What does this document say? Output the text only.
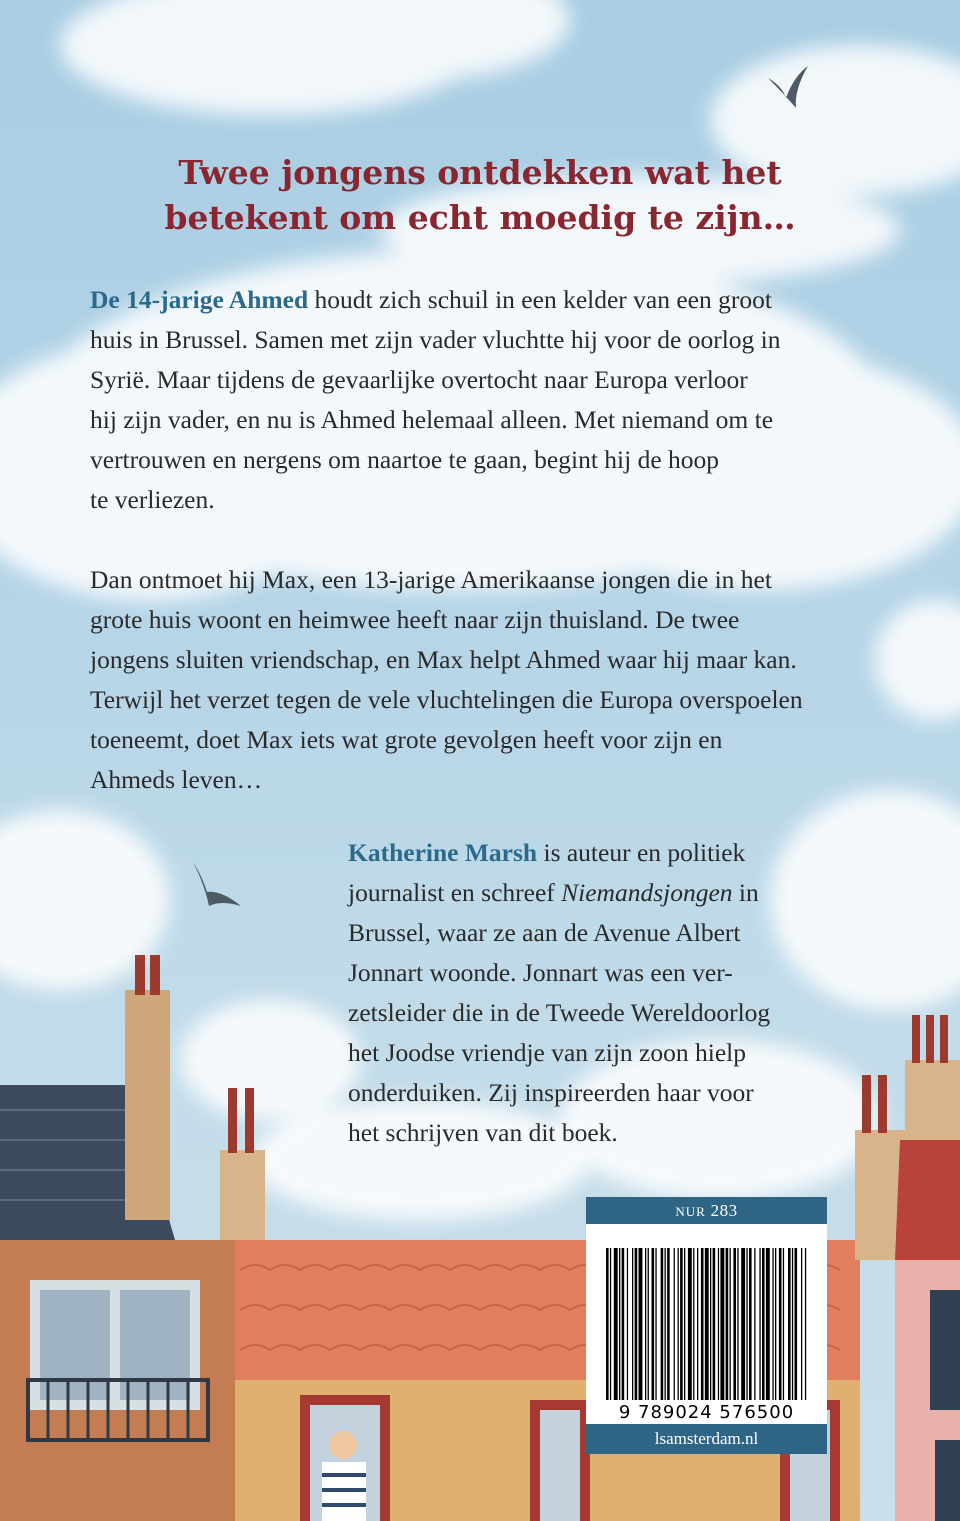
Twee jongens ontdekken wat het
betekent om echt moedig te zijn…

De 14-jarige Ahmed houdt zich schuil in een kelder van een groot
huis in Brussel. Samen met zijn vader vluchtte hij voor de oorlog in
Syrië. Maar tijdens de gevaarlijke overtocht naar Europa verloor
hij zijn vader, en nu is Ahmed helemaal alleen. Met niemand om te
vertrouwen en nergens om naartoe te gaan, begint hij de hoop
te verliezen.

Dan ontmoet hij Max, een 13-jarige Amerikaanse jongen die in het
grote huis woont en heimwee heeft naar zijn thuisland. De twee
jongens sluiten vriendschap, en Max helpt Ahmed waar hij maar kan.
Terwijl het verzet tegen de vele vluchtelingen die Europa overspoelen
toeneemt, doet Max iets wat grote gevolgen heeft voor zijn en
Ahmeds leven…

Katherine Marsh is auteur en politiek
journalist en schreef Niemandsjongen in
Brussel, waar ze aan de Avenue Albert
Jonnart woonde. Jonnart was een ver-
zetsleider die in de Tweede Wereldoorlog
het Joodse vriendje van zijn zoon hielp
onderduiken. Zij inspireerden haar voor
het schrijven van dit boek.

NUR 283
9 789024 576500
lsamsterdam.nl
